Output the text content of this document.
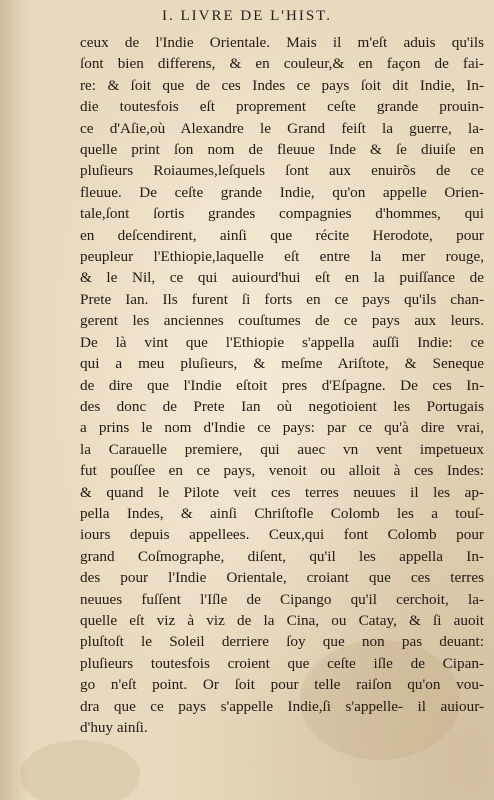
I. LIVRE DE L'HIST.
ceux de l'Indie Orientale. Mais il m'eſt aduis qu'ils
ſont bien differens, & en couleur,& en façon de fai-
re: & ſoit que de ces Indes ce pays ſoit dit Indie, In-
die toutesfois eſt proprement ceſte grande prouin-
ce d'Aſie,où Alexandre le Grand feiſt la guerre, la-
quelle print ſon nom de fleuue Inde & ſe diuiſe en
pluſieurs Roiaumes,leſquels ſont aux enuirõs de ce
fleuue. De ceſte grande Indie, qu'on appelle Orien-
tale,ſont ſortis grandes compagnies d'hommes, qui
en deſcendirent, ainſi que récite Herodote, pour
peupleur l'Ethiopie,laquelle eſt entre la mer rouge,
& le Nil, ce qui auiourd'hui eſt en la puiſſance de
Prete Ian. Ils furent ſi forts en ce pays qu'ils chan-
gerent les anciennes couſtumes de ce pays aux leurs.
De là vint que l'Ethiopie s'appella auſſi Indie: ce
qui a meu pluſieurs, & meſme Ariſtote, & Seneque
de dire que l'Indie eſtoit pres d'Eſpagne. De ces In-
des donc de Prete Ian où negotioient les Portugais
a prins le nom d'Indie ce pays: par ce qu'à dire vrai,
la Carauelle premiere, qui auec vn vent impetueux
fut pouſſee en ce pays, venoit ou alloit à ces Indes:
& quand le Pilote veit ces terres neuues il les ap-
pella Indes, & ainſi Chriſtofle Colomb les a touſ-
iours depuis appellees. Ceux,qui font Colomb pour
grand Coſmographe, diſent, qu'il les appella In-
des pour l'Indie Orientale, croiant que ces terres
neuues fuſſent l'Iſle de Cipango qu'il cerchoit, la-
quelle eſt viz à viz de la Cina, ou Catay, & ſi auoit
pluſtoſt le Soleil derriere ſoy que non pas deuant:
pluſieurs toutesfois croient que ceſte iſle de Cipan-
go n'eſt point. Or ſoit pour telle raiſon qu'on vou-
dra que ce pays s'appelle Indie,ſi s'appelle- il auiour-
d'huy ainſi.
